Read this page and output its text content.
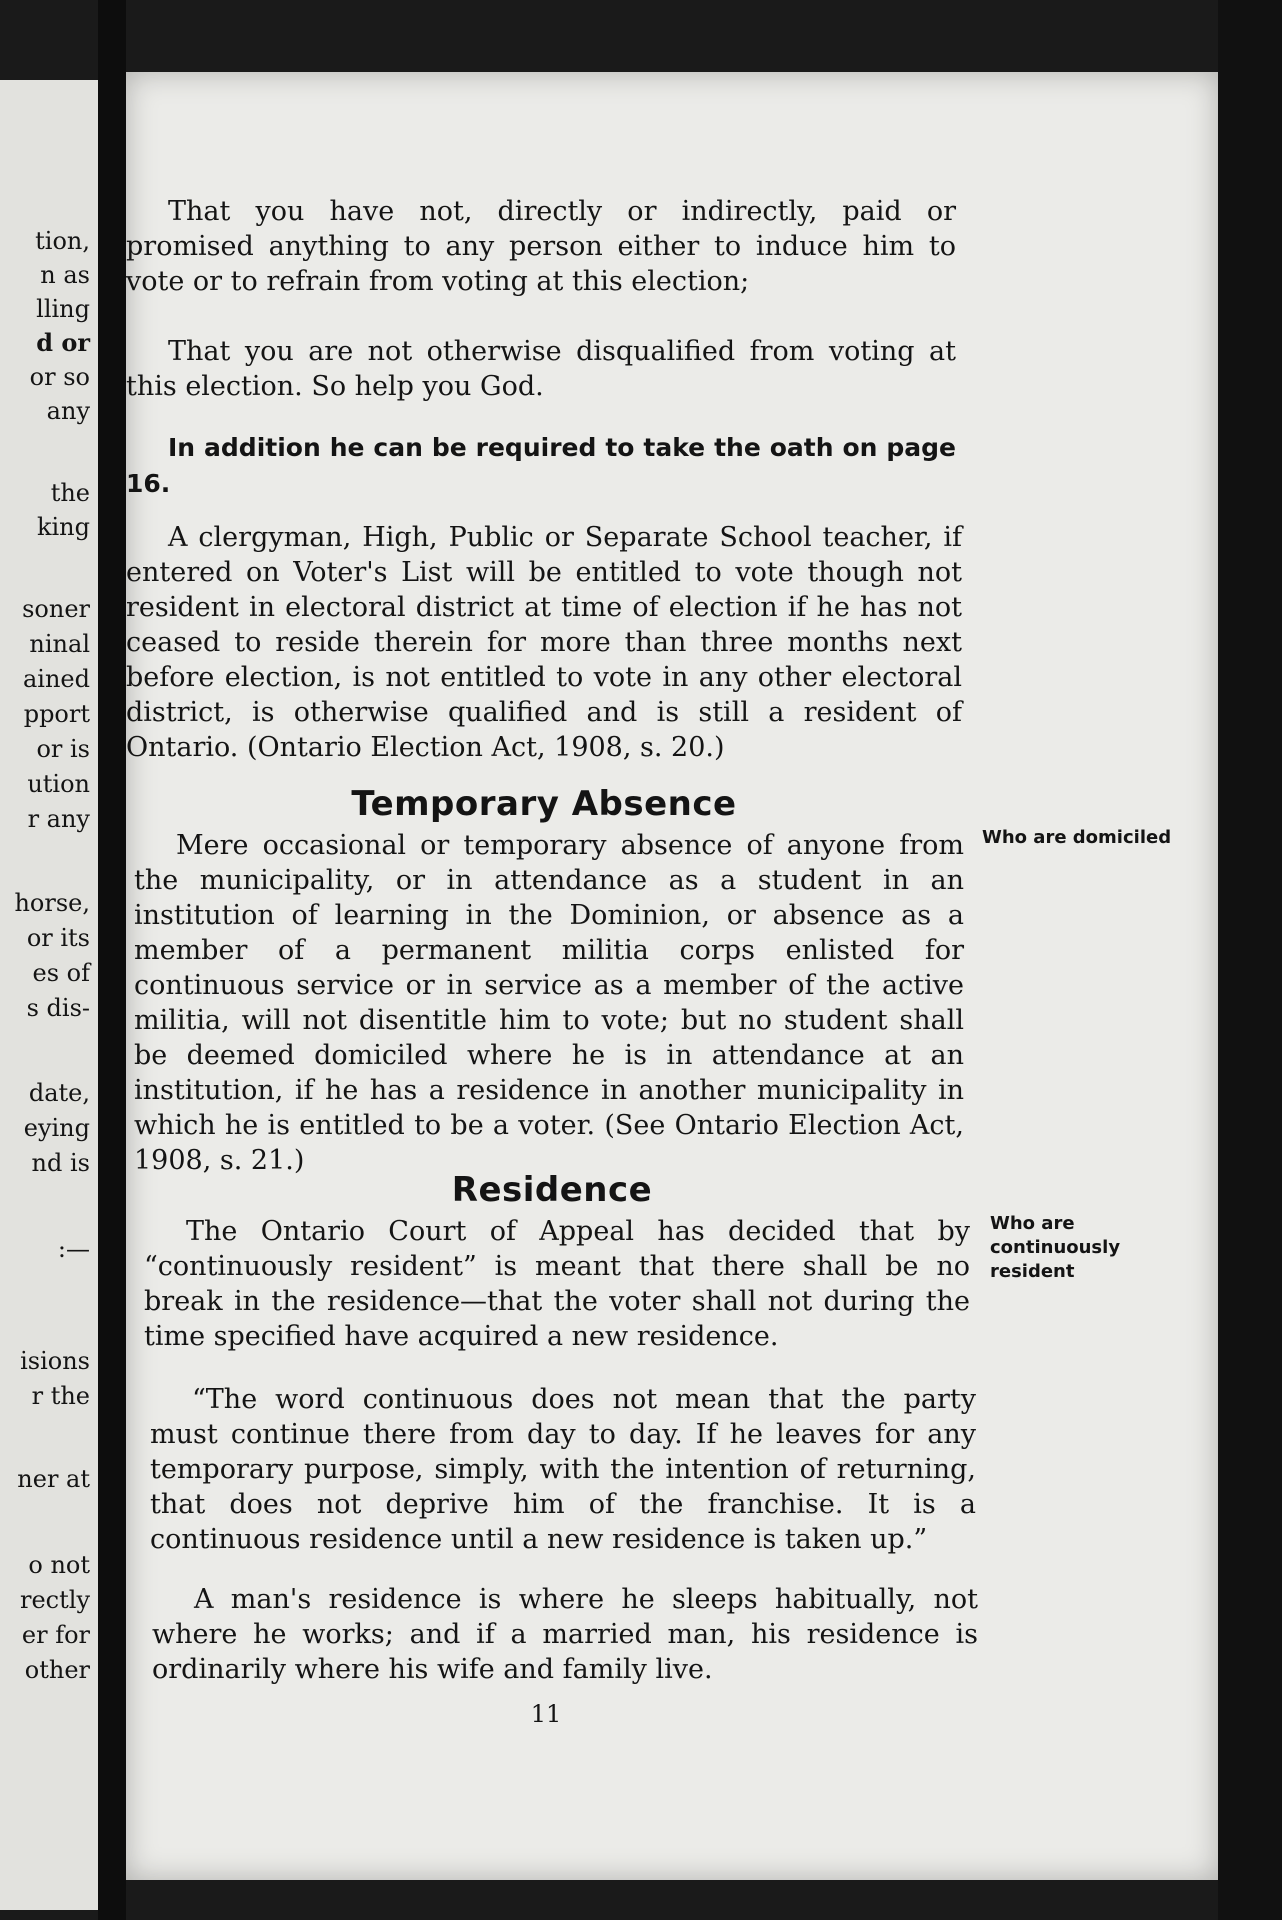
tion,
n as
lling
d or
or so
any
the
king
soner
ninal
ained
pport
or is
ution
r any
horse,
or its
es of
s dis-
date,
eying
nd is
:—
isions
r the
ner at
o not
rectly
er for
other

That you have not, directly or indirectly, paid or promised anything to any person either to induce him to vote or to refrain from voting at this election;

That you are not otherwise disqualified from voting at this election. So help you God.

In addition he can be required to take the oath on page 16.

A clergyman, High, Public or Separate School teacher, if entered on Voter's List will be entitled to vote though not resident in electoral district at time of election if he has not ceased to reside therein for more than three months next before election, is not entitled to vote in any other electoral district, is otherwise qualified and is still a resident of Ontario. (Ontario Election Act, 1908, s. 20.)

Temporary Absence

Who are domiciled

Mere occasional or temporary absence of anyone from the municipality, or in attendance as a student in an institution of learning in the Dominion, or absence as a member of a permanent militia corps enlisted for continuous service or in service as a member of the active militia, will not disentitle him to vote; but no student shall be deemed domiciled where he is in attendance at an institution, if he has a residence in another municipality in which he is entitled to be a voter. (See Ontario Election Act, 1908, s. 21.)

Residence

Who are continuously resident

The Ontario Court of Appeal has decided that by “continuously resident” is meant that there shall be no break in the residence—that the voter shall not during the time specified have acquired a new residence.

“The word continuous does not mean that the party must continue there from day to day. If he leaves for any temporary purpose, simply, with the intention of returning, that does not deprive him of the franchise. It is a continuous residence until a new residence is taken up.”

A man's residence is where he sleeps habitually, not where he works; and if a married man, his residence is ordinarily where his wife and family live.

11
